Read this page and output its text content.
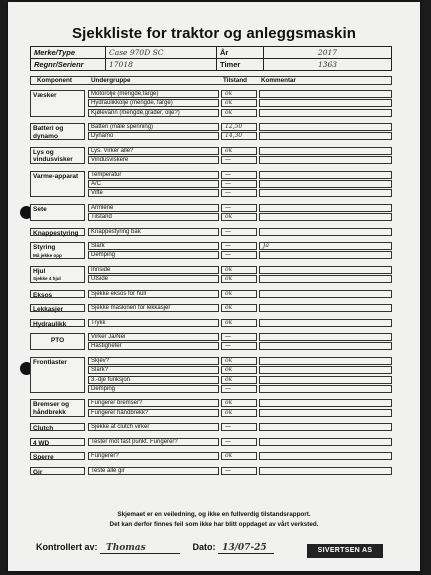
Sjekkliste for traktor og anleggsmaskin
Merke/Type	Case 970D SC	År	2017
Regnr/Serienr	17018	Timer	1363
Komponent	Undergruppe	Tilstand Kommentar
Væsker	Motorolje (mengde,farge)	ok
Hydraulikkolje (mengde, farge)	ok
Kjølevann (mengde,grader, olje?)	ok
Batteri og dynamo
Batteri (måle spenning)	12,50
Dynamo	14,30
Lys og vindusvisker
Lys. Virker alle?	ok
Vindusviskere	—
Varme-apparat	Temperatur	—
A/C	—
Vifte	—
Sete	Armlene	—
Tilstand	ok
Knappestyring	Knappestyring bak	—
Styring
Må jekke opp
Slark	—	Ja
Demping	—
Hjul
Sjekke 4 hjul
Innside	ok
Utside	ok
Eksos	Sjekke eksos for hull	ok
Lekkasjer	Sjekke maskinen for lekkasjer	ok
Hydraulikk	Trykk	ok
PTO	Virker Ja/Nei	—
Hastigheter	—
Frontlaster	Skjev?	ok
Slark?	ok
3.-dje funksjon	ok
Demping	—
Bremser og håndbrekk
Fungerer bremser?	ok
Fungerer håndbrekk?	ok
Clutch	Sjekke at clutch virker	—
4 WD	Tester mot fast punkt. Fungerer?	—
Sperre	Fungerer?	ok
Gir	Teste alle gir	—
Skjemaet er en veiledning, og ikke en fullverdig tilstandsrapport.
Det kan derfor finnes feil som ikke har blitt oppdaget av vårt verksted.
Kontrollert av: Thomas	Dato: 13/07-25	SIVERTSEN AS
